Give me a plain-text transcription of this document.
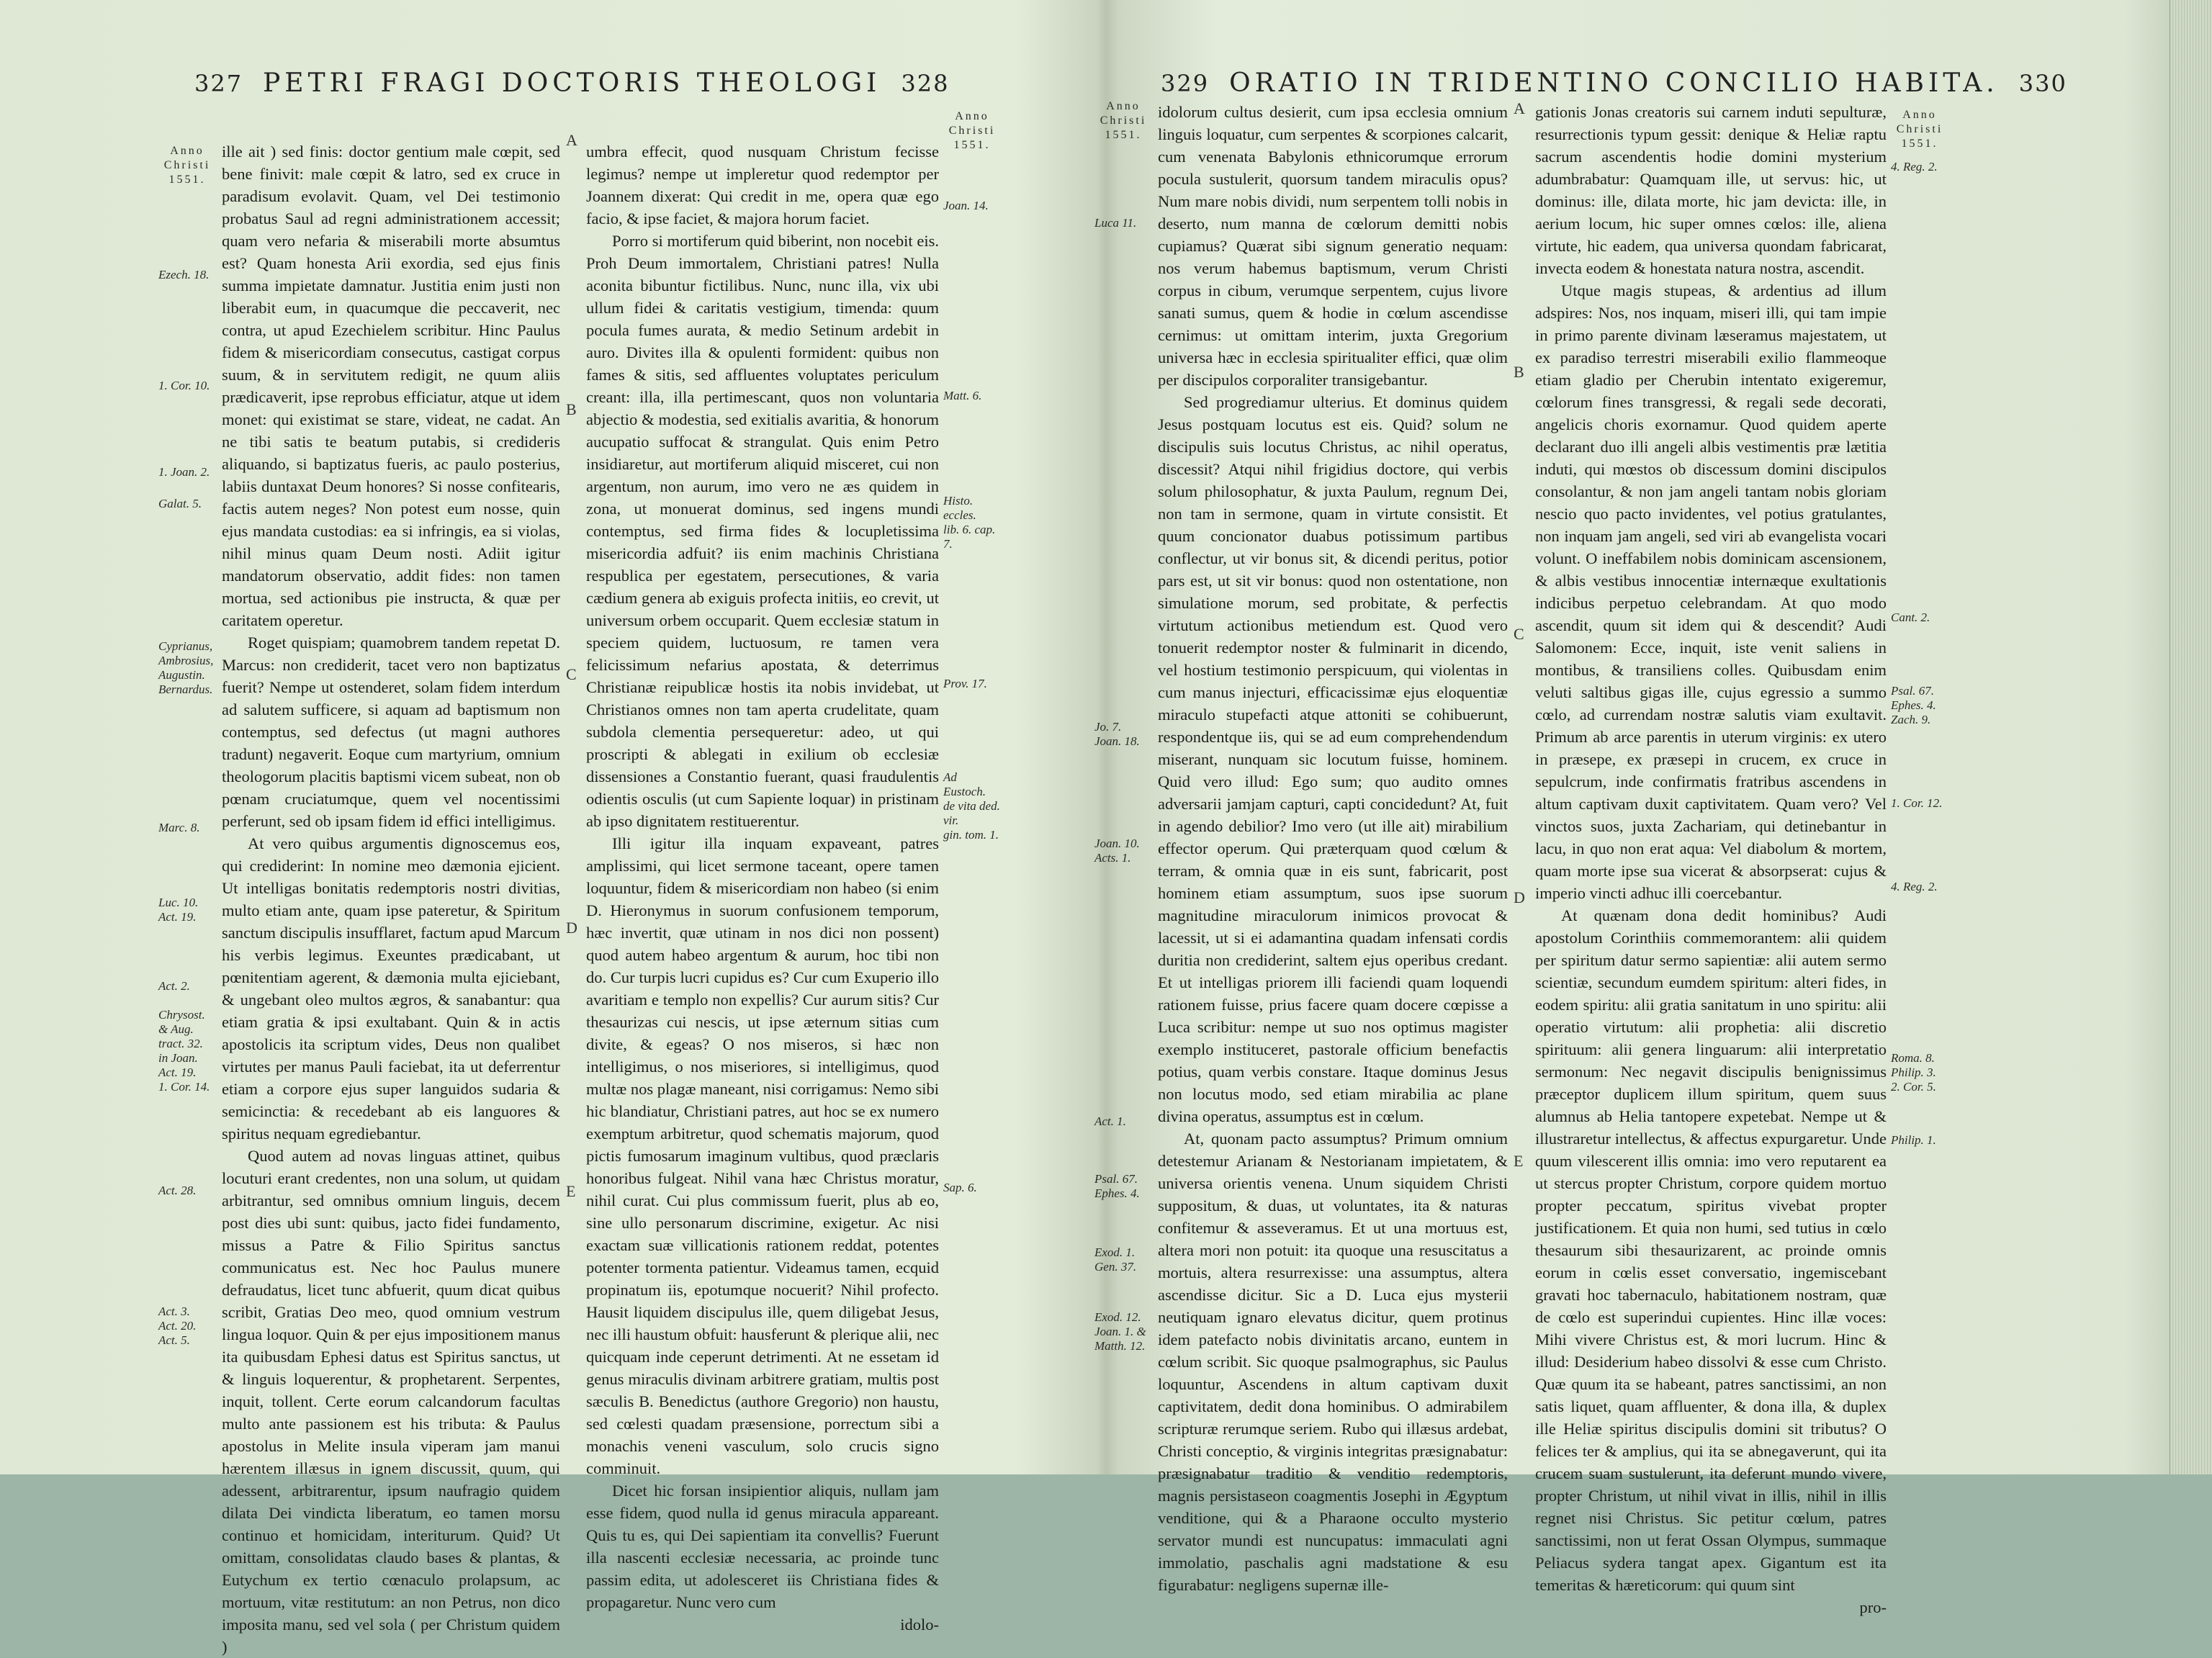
327 PETRI FRAGI DOCTORIS THEOLOGI 328
Anno
Christi
1551.
Ezech. 18.
1. Cor. 10.
1. Joan. 2.
Galat. 5.
Cyprianus,
Ambrosius,
Augustin.
Bernardus.
Marc. 8.
Luc. 10.
Act. 19.
Act. 2.
Chrysost.
& Aug.
tract. 32.
in Joan.
Act. 19.
1. Cor. 14.
Act. 28.
Act. 3.
Act. 20.
Act. 5.

ille ait ) sed finis: doctor gentium male cœpit, sed bene finivit: male cœpit & latro, sed ex cruce in paradisum evolavit. Quam, vel Dei testimonio probatus Saul ad regni administrationem accessit; quam vero nefaria & miserabili morte absumtus est? Quam honesta Arii exordia, sed ejus finis summa impietate damnatur. Justitia enim justi non liberabit eum, in quacumque die peccaverit, nec contra, ut apud Ezechielem scribitur. Hinc Paulus fidem & misericordiam consecutus, castigat corpus suum, & in servitutem redigit, ne quum aliis prædicaverit, ipse reprobus efficiatur, atque ut idem monet: qui existimat se stare, videat, ne cadat. An ne tibi satis te beatum putabis, si credideris aliquando, si baptizatus fueris, ac paulo posterius, labiis duntaxat Deum honores? Si nosse confitearis, factis autem neges? Non potest eum nosse, quin ejus mandata custodias: ea si infringis, ea si violas, nihil minus quam Deum nosti. Adiit igitur mandatorum observatio, addit fides: non tamen mortua, sed actionibus pie instructa, & quæ per caritatem operetur.

Roget quispiam; quamobrem tandem repetat D. Marcus: non crediderit, tacet vero non baptizatus fuerit? Nempe ut ostenderet, solam fidem interdum ad salutem sufficere, si aquam ad baptismum non contemptus, sed defectus (ut magni authores tradunt) negaverit. Eoque cum martyrium, omnium theologorum placitis baptismi vicem subeat, non ob pœnam cruciatumque, quem vel nocentissimi perferunt, sed ob ipsam fidem id effici intelligimus.

At vero quibus argumentis dignoscemus eos, qui crediderint: In nomine meo dæmonia ejicient. Ut intelligas bonitatis redemptoris nostri divitias, multo etiam ante, quam ipse pateretur, & Spiritum sanctum discipulis insufflaret, factum apud Marcum his verbis legimus. Exeuntes prædicabant, ut pœnitentiam agerent, & dæmonia multa ejiciebant, & ungebant oleo multos ægros, & sanabantur: qua etiam gratia & ipsi exultabant. Quin & in actis apostolicis ita scriptum vides, Deus non qualibet virtutes per manus Pauli faciebat, ita ut deferrentur etiam a corpore ejus super languidos sudaria & semicinctia: & recedebant ab eis languores & spiritus nequam egrediebantur.

Quod autem ad novas linguas attinet, quibus locuturi erant credentes, non una solum, ut quidam arbitrantur, sed omnibus omnium linguis, decem post dies ubi sunt: quibus, jacto fidei fundamento, missus a Patre & Filio Spiritus sanctus communicatus est. Nec hoc Paulus munere defraudatus, licet tunc abfuerit, quum dicat quibus scribit, Gratias Deo meo, quod omnium vestrum lingua loquor. Quin & per ejus impositionem manus ita quibusdam Ephesi datus est Spiritus sanctus, ut & linguis loquerentur, & prophetarent. Serpentes, inquit, tollent. Certe eorum calcandorum facultas multo ante passionem est his tributa: & Paulus apostolus in Melite insula viperam jam manui hærentem illæsus in ignem discussit, quum, qui adessent, arbitrarentur, ipsum naufragio quidem dilata Dei vindicta liberatum, eo tamen morsu continuo et homicidam, interiturum. Quid? Ut omittam, consolidatas claudo bases & plantas, & Eutychum ex tertio cœnaculo prolapsum, ac mortuum, vitæ restitutum: an non Petrus, non dico imposita manu, sed vel sola ( per Christum quidem )

A
B
C
D
E

umbra effecit, quod nusquam Christum fecisse legimus? nempe ut impleretur quod redemptor per Joannem dixerat: Qui credit in me, opera quæ ego facio, & ipse faciet, & majora horum faciet.

Porro si mortiferum quid biberint, non nocebit eis. Proh Deum immortalem, Christiani patres! Nulla aconita bibuntur fictilibus. Nunc, nunc illa, vix ubi ullum fidei & caritatis vestigium, timenda: quum pocula fumes aurata, & medio Setinum ardebit in auro. Divites illa & opulenti formident: quibus non fames & sitis, sed affluentes voluptates periculum creant: illa, illa pertimescant, quos non voluntaria abjectio & modestia, sed exitialis avaritia, & honorum aucupatio suffocat & strangulat. Quis enim Petro insidiaretur, aut mortiferum aliquid misceret, cui non argentum, non aurum, imo vero ne æs quidem in zona, ut monuerat dominus, sed ingens mundi contemptus, sed firma fides & locupletissima misericordia adfuit? iis enim machinis Christiana respublica per egestatem, persecutiones, & varia cædium genera ab exiguis profecta initiis, eo crevit, ut universum orbem occuparit. Quem ecclesiæ statum in speciem quidem, luctuosum, re tamen vera felicissimum nefarius apostata, & deterrimus Christianæ reipublicæ hostis ita nobis invidebat, ut Christianos omnes non tam aperta crudelitate, quam subdola clementia persequeretur: adeo, ut qui proscripti & ablegati in exilium ob ecclesiæ dissensiones a Constantio fuerant, quasi fraudulentis odientis osculis (ut cum Sapiente loquar) in pristinam ab ipso dignitatem restituerentur.

Illi igitur illa inquam expaveant, patres amplissimi, qui licet sermone taceant, opere tamen loquuntur, fidem & misericordiam non habeo (si enim D. Hieronymus in suorum confusionem temporum, hæc invertit, quæ utinam in nos dici non possent) quod autem habeo argentum & aurum, hoc tibi non do. Cur turpis lucri cupidus es? Cur cum Exuperio illo avaritiam e templo non expellis? Cur aurum sitis? Cur thesaurizas cui nescis, ut ipse æternum sitias cum divite, & egeas? O nos miseros, si hæc non intelligimus, o nos miseriores, si intelligimus, quod multæ nos plagæ maneant, nisi corrigamus: Nemo sibi hic blandiatur, Christiani patres, aut hoc se ex numero exemptum arbitretur, quod schematis majorum, quod pictis fumosarum imaginum vultibus, quod præclaris honoribus fulgeat. Nihil vana hæc Christus moratur, nihil curat. Cui plus commissum fuerit, plus ab eo, sine ullo personarum discrimine, exigetur. Ac nisi exactam suæ villicationis rationem reddat, potentes potenter tormenta patientur. Videamus tamen, ecquid propinatum iis, epotumque nocuerit? Nihil profecto. Hausit liquidem discipulus ille, quem diligebat Jesus, nec illi haustum obfuit: hausferunt & plerique alii, nec quicquam inde ceperunt detrimenti. At ne essetam id genus miraculis divinam arbitrere gratiam, multis post sæculis B. Benedictus (authore Gregorio) non haustu, sed cœlesti quadam præsensione, porrectum sibi a monachis veneni vasculum, solo crucis signo comminuit.

Dicet hic forsan insipientior aliquis, nullam jam esse fidem, quod nulla id genus miracula appareant. Quis tu es, qui Dei sapientiam ita convellis? Fuerunt illa nascenti ecclesiæ necessaria, ac proinde tunc passim edita, ut adolesceret iis Christiana fides & propagaretur. Nunc vero cum

idolo-

Anno
Christi
1551.
Joan. 14.
Matt. 6.
Histo. eccles.
lib. 6. cap. 7.
Prov. 17.
Ad Eustoch.
de vita ded. vir.
gin. tom. 1.
Sap. 6.
329 ORATIO IN TRIDENTINO CONCILIO HABITA. 330
Anno
Christi
1551.
Luca 11.
Jo. 7.
Joan. 18.
Joan. 10.
Acts. 1.
Act. 1.
Psal. 67.
Ephes. 4.
Exod. 1.
Gen. 37.
Exod. 12.
Joan. 1. &
Matth. 12.

idolorum cultus desierit, cum ipsa ecclesia omnium linguis loquatur, cum serpentes & scorpiones calcarit, cum venenata Babylonis ethnicorumque errorum pocula sustulerit, quorsum tandem miraculis opus? Num mare nobis dividi, num serpentem tolli nobis in deserto, num manna de cœlorum demitti nobis cupiamus? Quærat sibi signum generatio nequam: nos verum habemus baptismum, verum Christi corpus in cibum, verumque serpentem, cujus livore sanati sumus, quem & hodie in cœlum ascendisse cernimus: ut omittam interim, juxta Gregorium universa hæc in ecclesia spiritualiter effici, quæ olim per discipulos corporaliter transigebantur.

Sed progrediamur ulterius. Et dominus quidem Jesus postquam locutus est eis. Quid? solum ne discipulis suis locutus Christus, ac nihil operatus, discessit? Atqui nihil frigidius doctore, qui verbis solum philosophatur, & juxta Paulum, regnum Dei, non tam in sermone, quam in virtute consistit. Et quum concionator duabus potissimum partibus conflectur, ut vir bonus sit, & dicendi peritus, potior pars est, ut sit vir bonus: quod non ostentatione, non simulatione morum, sed probitate, & perfectis virtutum actionibus metiendum est. Quod vero tonuerit redemptor noster & fulminarit in dicendo, vel hostium testimonio perspicuum, qui violentas in cum manus injecturi, efficacissimæ ejus eloquentiæ miraculo stupefacti atque attoniti se cohibuerunt, respondentque iis, qui se ad eum comprehendendum miserant, nunquam sic locutum fuisse, hominem. Quid vero illud: Ego sum; quo audito omnes adversarii jamjam capturi, capti concidedunt? At, fuit in agendo debilior? Imo vero (ut ille ait) mirabilium effector operum. Qui præterquam quod cœlum & terram, & omnia quæ in eis sunt, fabricarit, post hominem etiam assumptum, suos ipse suorum magnitudine miraculorum inimicos provocat & lacessit, ut si ei adamantina quadam infensati cordis duritia non crediderint, saltem ejus operibus credant. Et ut intelligas priorem illi faciendi quam loquendi rationem fuisse, prius facere quam docere cœpisse a Luca scribitur: nempe ut suo nos optimus magister exemplo instituceret, pastorale officium benefactis potius, quam verbis constare. Itaque dominus Jesus non locutus modo, sed etiam mirabilia ac plane divina operatus, assumptus est in cœlum.

At, quonam pacto assumptus? Primum omnium detestemur Arianam & Nestorianam impietatem, & universa orientis venena. Unum siquidem Christi suppositum, & duas, ut voluntates, ita & naturas confitemur & asseveramus. Et ut una mortuus est, altera mori non potuit: ita quoque una resuscitatus a mortuis, altera resurrexisse: una assumptus, altera ascendisse dicitur. Sic a D. Luca ejus mysterii neutiquam ignaro elevatus dicitur, quem protinus idem patefacto nobis divinitatis arcano, euntem in cœlum scribit. Sic quoque psalmographus, sic Paulus loquuntur, Ascendens in altum captivam duxit captivitatem, dedit dona hominibus. O admirabilem scripturæ rerumque seriem. Rubo qui illæsus ardebat, Christi conceptio, & virginis integritas præsignabatur: præsignabatur traditio & venditio redemptoris, magnis persistaseon coagmentis Josephi in Ægyptum venditione, qui & a Pharaone occulto mysterio servator mundi est nuncupatus: immaculati agni immolatio, paschalis agni madstatione & esu figurabatur: negligens supernæ ille-

A
B
C
D
E

gationis Jonas creatoris sui carnem induti sepulturæ, resurrectionis typum gessit: denique & Heliæ raptu sacrum ascendentis hodie domini mysterium adumbrabatur: Quamquam ille, ut servus: hic, ut dominus: ille, dilata morte, hic jam devicta: ille, in aerium locum, hic super omnes cœlos: ille, aliena virtute, hic eadem, qua universa quondam fabricarat, invecta eodem & honestata natura nostra, ascendit.

Utque magis stupeas, & ardentius ad illum adspires: Nos, nos inquam, miseri illi, qui tam impie in primo parente divinam læseramus majestatem, ut ex paradiso terrestri miserabili exilio flammeoque etiam gladio per Cherubin intentato exigeremur, cœlorum fines transgressi, & regali sede decorati, angelicis choris exornamur. Quod quidem aperte declarant duo illi angeli albis vestimentis præ lætitia induti, qui mœstos ob discessum domini discipulos consolantur, & non jam angeli tantam nobis gloriam nescio quo pacto invidentes, vel potius gratulantes, non inquam jam angeli, sed viri ab evangelista vocari volunt. O ineffabilem nobis dominicam ascensionem, & albis vestibus innocentiæ internæque exultationis indicibus perpetuo celebrandam. At quo modo ascendit, quum sit idem qui & descendit? Audi Salomonem: Ecce, inquit, iste venit saliens in montibus, & transiliens colles. Quibusdam enim veluti saltibus gigas ille, cujus egressio a summo cœlo, ad currendam nostræ salutis viam exultavit. Primum ab arce parentis in uterum virginis: ex utero in præsepe, ex præsepi in crucem, ex cruce in sepulcrum, inde confirmatis fratribus ascendens in altum captivam duxit captivitatem. Quam vero? Vel vinctos suos, juxta Zachariam, qui detinebantur in lacu, in quo non erat aqua: Vel diabolum & mortem, quam morte ipse sua vicerat & absorpserat: cujus & imperio vincti adhuc illi coercebantur.

At quænam dona dedit hominibus? Audi apostolum Corinthiis commemorantem: alii quidem per spiritum datur sermo sapientiæ: alii autem sermo scientiæ, secundum eumdem spiritum: alteri fides, in eodem spiritu: alii gratia sanitatum in uno spiritu: alii operatio virtutum: alii prophetia: alii discretio spirituum: alii genera linguarum: alii interpretatio sermonum: Nec negavit discipulis benignissimus præceptor duplicem illum spiritum, quem suus alumnus ab Helia tantopere expetebat. Nempe ut & illustraretur intellectus, & affectus expurgaretur. Unde quum vilescerent illis omnia: imo vero reputarent ea ut stercus propter Christum, corpore quidem mortuo propter peccatum, spiritus vivebat propter justificationem. Et quia non humi, sed tutius in cœlo thesaurum sibi thesaurizarent, ac proinde omnis eorum in cœlis esset conversatio, ingemiscebant gravati hoc tabernaculo, habitationem nostram, quæ de cœlo est superindui cupientes. Hinc illæ voces: Mihi vivere Christus est, & mori lucrum. Hinc & illud: Desiderium habeo dissolvi & esse cum Christo. Quæ quum ita se habeant, patres sanctissimi, an non satis liquet, quam affluenter, & dona illa, & duplex ille Heliæ spiritus discipulis domini sit tributus? O felices ter & amplius, qui ita se abnegaverunt, qui ita crucem suam sustulerunt, ita deferunt mundo vivere, propter Christum, ut nihil vivat in illis, nihil in illis regnet nisi Christus. Sic petitur cœlum, patres sanctissimi, non ut ferat Ossan Olympus, summaque Peliacus sydera tangat apex. Gigantum est ita temeritas & hæreticorum: qui quum sint

pro-

Anno
Christi
1551.
4. Reg. 2.
Cant. 2.
Psal. 67.
Ephes. 4.
Zach. 9.
1. Cor. 12.
4. Reg. 2.
Roma. 8.
Philip. 3.
2. Cor. 5.
Philip. 1.
